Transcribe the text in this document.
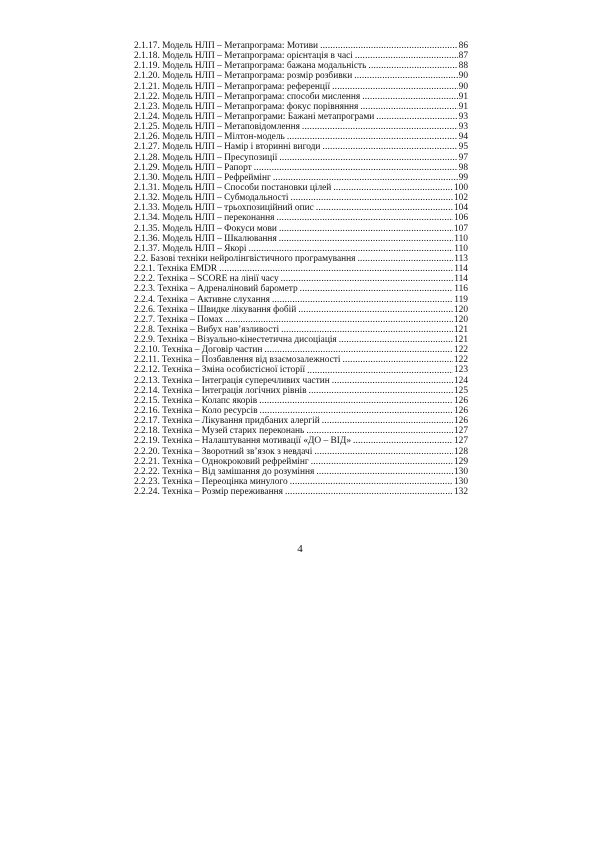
2.1.17. Модель НЛП – Метапрограма: Мотиви .....	86
2.1.18. Модель НЛП – Метапрограма: орієнтація в часі .....	87
2.1.19. Модель НЛП – Метапрограма: бажана модальність .....	88
2.1.20. Модель НЛП – Метапрограма: розмір розбивки .....	90
2.1.21. Модель НЛП – Метапрограма: референції .....	90
2.1.22. Модель НЛП – Метапрограма: способи мислення .....	91
2.1.23. Модель НЛП – Метапрограма: фокус порівняння .....	91
2.1.24. Модель НЛП – Метапрограми: Бажані метапрограми .....	93
2.1.25. Модель НЛП – Метаповідомлення .....	93
2.1.26. Модель НЛП – Мілтон-модель .....	94
2.1.27. Модель НЛП – Намір і вторинні вигоди .....	95
2.1.28. Модель НЛП – Пресупозиції .....	97
2.1.29. Модель НЛП – Рапорт .....	98
2.1.30. Модель НЛП – Рефреймінг .....	99
2.1.31. Модель НЛП – Способи постановки цілей .....	100
2.1.32. Модель НЛП – Субмодальності .....	102
2.1.33. Модель НЛП – трьохпозиційний опис .....	104
2.1.34. Модель НЛП – переконання .....	106
2.1.35. Модель НЛП – Фокуси мови .....	107
2.1.36. Модель НЛП – Шкалювання .....	110
2.1.37. Модель НЛП – Якорі .....	110
2.2. Базові техніки нейролінгвістичного програмування .....	113
2.2.1. Техніка EMDR .....	114
2.2.2. Техніка – SCORE на лінії часу .....	114
2.2.3. Техніка – Адреналіновий барометр .....	116
2.2.4. Техніка – Активне слухання .....	119
2.2.6. Техніка – Швидке лікування фобій .....	120
2.2.7. Техніка – Помах .....	120
2.2.8. Техніка – Вибух нав’язливості .....	121
2.2.9. Техніка – Візуально-кінестетична дисоціація .....	121
2.2.10. Техніка – Договір частин .....	122
2.2.11. Техніка – Позбавлення від взаємозалежності .....	122
2.2.12. Техніка – Зміна особистісної історії .....	123
2.2.13. Техніка – Інтеграція суперечливих частин .....	124
2.2.14. Техніка – Інтеграція логічних рівнів .....	125
2.2.15. Техніка – Колапс якорів .....	126
2.2.16. Техніка – Коло ресурсів .....	126
2.2.17. Техніка – Лікування придбаних алергій .....	126
2.2.18. Техніка – Музей старих переконань .....	127
2.2.19. Техніка – Налаштування мотивації «ДО – ВІД» .....	127
2.2.20. Техніка – Зворотний зв’язок з невдачі .....	128
2.2.21. Техніка – Однокроковий рефреймінг .....	129
2.2.22. Техніка – Від замішання до розуміння .....	130
2.2.23. Техніка – Переоцінка минулого .....	130
2.2.24. Техніка – Розмір переживання .....	132
4
